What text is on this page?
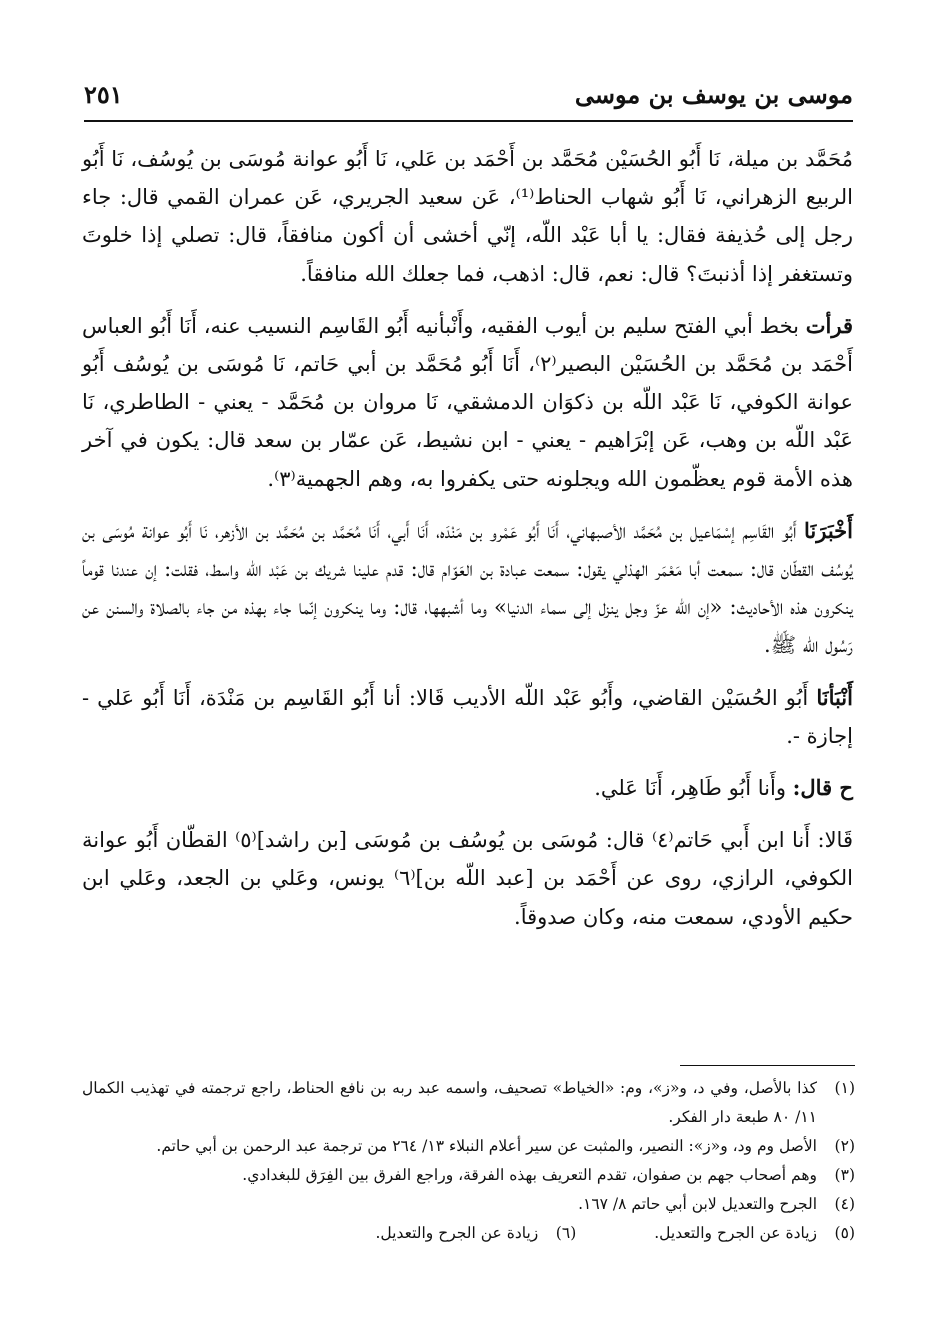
موسى بن يوسف بن موسى
٢٥١

مُحَمَّد بن ميلة، نَا أَبُو الحُسَيْن مُحَمَّد بن أَحْمَد بن عَلي، نَا أَبُو عوانة مُوسَى بن يُوسُف، نَا أَبُو الربيع الزهراني، نَا أَبُو شهاب الحناط⁽¹⁾، عَن سعيد الجريري، عَن عمران القمي قال: جاء رجل إلى حُذيفة فقال: يا أبا عَبْد اللّه، إنّي أخشى أن أكون منافقاً، قال: تصلي إذا خلوتَ وتستغفر إذا أذنبتَ؟ قال: نعم، قال: اذهب، فما جعلك الله منافقاً.

قرأت بخط أبي الفتح سليم بن أيوب الفقيه، وأَنْبأنيه أَبُو القَاسِم النسيب عنه، أَنَا أَبُو العباس أَحْمَد بن مُحَمَّد بن الحُسَيْن البصير⁽٢⁾، أَنَا أَبُو مُحَمَّد بن أبي حَاتم، نَا مُوسَى بن يُوسُف أَبُو عوانة الكوفي، نَا عَبْد اللّه بن ذكوَان الدمشقي، نَا مروان بن مُحَمَّد - يعني - الطاطري، نَا عَبْد اللّه بن وهب، عَن إبْرَاهيم - يعني - ابن نشيط، عَن عمّار بن سعد قال: يكون في آخر هذه الأمة قوم يعظّمون الله ويجلونه حتى يكفروا به، وهم الجهمية⁽٣⁾.

أَخْبَرَنَا أَبُو القَاسِم إسْمَاعيل بن مُحَمَّد الأصبهاني، أَنَا أَبُو عَمْرو بن مَنْدَه، أَنَا أَبي، أَنَا مُحَمَّد بن مُحَمَّد بن الأزهر، نَا أَبُو عوانة مُوسَى بن يُوسُف القطّان قال: سمعت أبا مَعْمَر الهذلي يقول: سمعت عبادة بن العَوّام قال: قدم علينا شريك بن عَبْد اللّه واسط، فقلت: إن عندنا قوماً ينكرون هذه الأحاديث: «إن الله عزّ وجل ينزل إلى سماء الدنيا» وما أشبهها، قال: وما ينكرون إنّما جاء بهذه من جاء بالصلاة والسنن عن رَسُول اللّه ﷺ.

أَنْبَأنَا أَبُو الحُسَيْن القاضي، وأَبُو عَبْد اللّه الأديب قَالا: أنا أَبُو القَاسِم بن مَنْدَة، أَنَا أَبُو عَلي - إجازة -.

ح قال: وأَنا أَبُو طَاهِر، أَنَا عَلي.

قَالا: أَنا ابن أَبي حَاتم⁽٤⁾ قال: مُوسَى بن يُوسُف بن مُوسَى [بن راشد]⁽٥⁾ القطّان أَبُو عوانة الكوفي، الرازي، روى عن أَحْمَد بن [عبد اللّه بن]⁽٦⁾ يونس، وعَلي بن الجعد، وعَلي ابن حكيم الأودي، سمعت منه، وكان صدوقاً.

(١)
كذا بالأصل، وفي د، و«ز»، وم: «الخياط» تصحيف، واسمه عبد ربه بن نافع الحناط، راجع ترجمته في تهذيب الكمال ١١/ ٨٠ طبعة دار الفكر.
(٢)
الأصل وم ود، و«ز»: النصير، والمثبت عن سير أعلام النبلاء ١٣/ ٢٦٤ من ترجمة عبد الرحمن بن أبي حاتم.
(٣)
وهم أصحاب جهم بن صفوان، تقدم التعريف بهذه الفرقة، وراجع الفرق بين الفِرَق للبغدادي.
(٤)
الجرح والتعديل لابن أبي حاتم ٨/ ١٦٧.
(٥)
زيادة عن الجرح والتعديل.
(٦)
زيادة عن الجرح والتعديل.
